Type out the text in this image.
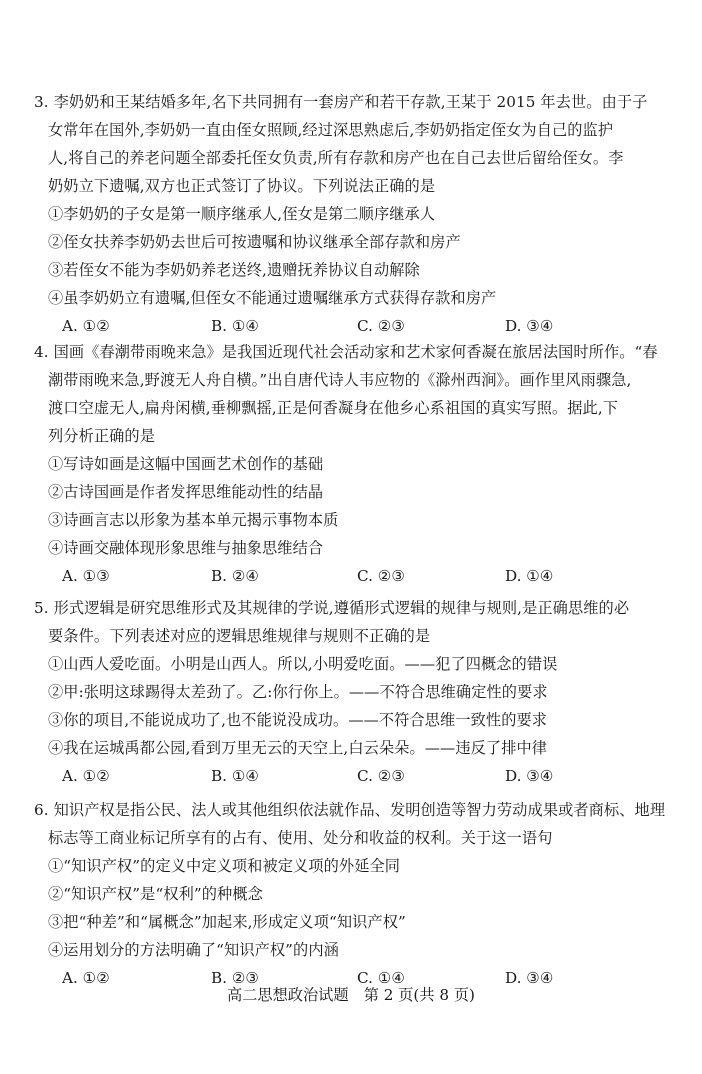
3. 李奶奶和王某结婚多年,名下共同拥有一套房产和若干存款,王某于 2015 年去世。由于子
女常年在国外,李奶奶一直由侄女照顾,经过深思熟虑后,李奶奶指定侄女为自己的监护
人,将自己的养老问题全部委托侄女负责,所有存款和房产也在自己去世后留给侄女。李
奶奶立下遗嘱,双方也正式签订了协议。下列说法正确的是
①李奶奶的子女是第一顺序继承人,侄女是第二顺序继承人
②侄女扶养李奶奶去世后可按遗嘱和协议继承全部存款和房产
③若侄女不能为李奶奶养老送终,遗赠抚养协议自动解除
④虽李奶奶立有遗嘱,但侄女不能通过遗嘱继承方式获得存款和房产
A. ①②	B. ①④	C. ②③	D. ③④
4. 国画《春潮带雨晚来急》是我国近现代社会活动家和艺术家何香凝在旅居法国时所作。“春
潮带雨晚来急,野渡无人舟自横。”出自唐代诗人韦应物的《滁州西涧》。画作里风雨骤急,
渡口空虚无人,扁舟闲横,垂柳飘摇,正是何香凝身在他乡心系祖国的真实写照。据此,下
列分析正确的是
①写诗如画是这幅中国画艺术创作的基础
②古诗国画是作者发挥思维能动性的结晶
③诗画言志以形象为基本单元揭示事物本质
④诗画交融体现形象思维与抽象思维结合
A. ①③	B. ②④	C. ②③	D. ①④
5. 形式逻辑是研究思维形式及其规律的学说,遵循形式逻辑的规律与规则,是正确思维的必
要条件。下列表述对应的逻辑思维规律与规则不正确的是
①山西人爱吃面。小明是山西人。所以,小明爱吃面。——犯了四概念的错误
②甲:张明这球踢得太差劲了。乙:你行你上。——不符合思维确定性的要求
③你的项目,不能说成功了,也不能说没成功。——不符合思维一致性的要求
④我在运城禹都公园,看到万里无云的天空上,白云朵朵。——违反了排中律
A. ①②	B. ①④	C. ②③	D. ③④
6. 知识产权是指公民、法人或其他组织依法就作品、发明创造等智力劳动成果或者商标、地理
标志等工商业标记所享有的占有、使用、处分和收益的权利。关于这一语句
①“知识产权”的定义中定义项和被定义项的外延全同
②“知识产权”是“权利”的种概念
③把“种差”和“属概念”加起来,形成定义项“知识产权”
④运用划分的方法明确了“知识产权”的内涵
A. ①②	B. ②③	C. ①④	D. ③④
高二思想政治试题　第 2 页(共 8 页)
